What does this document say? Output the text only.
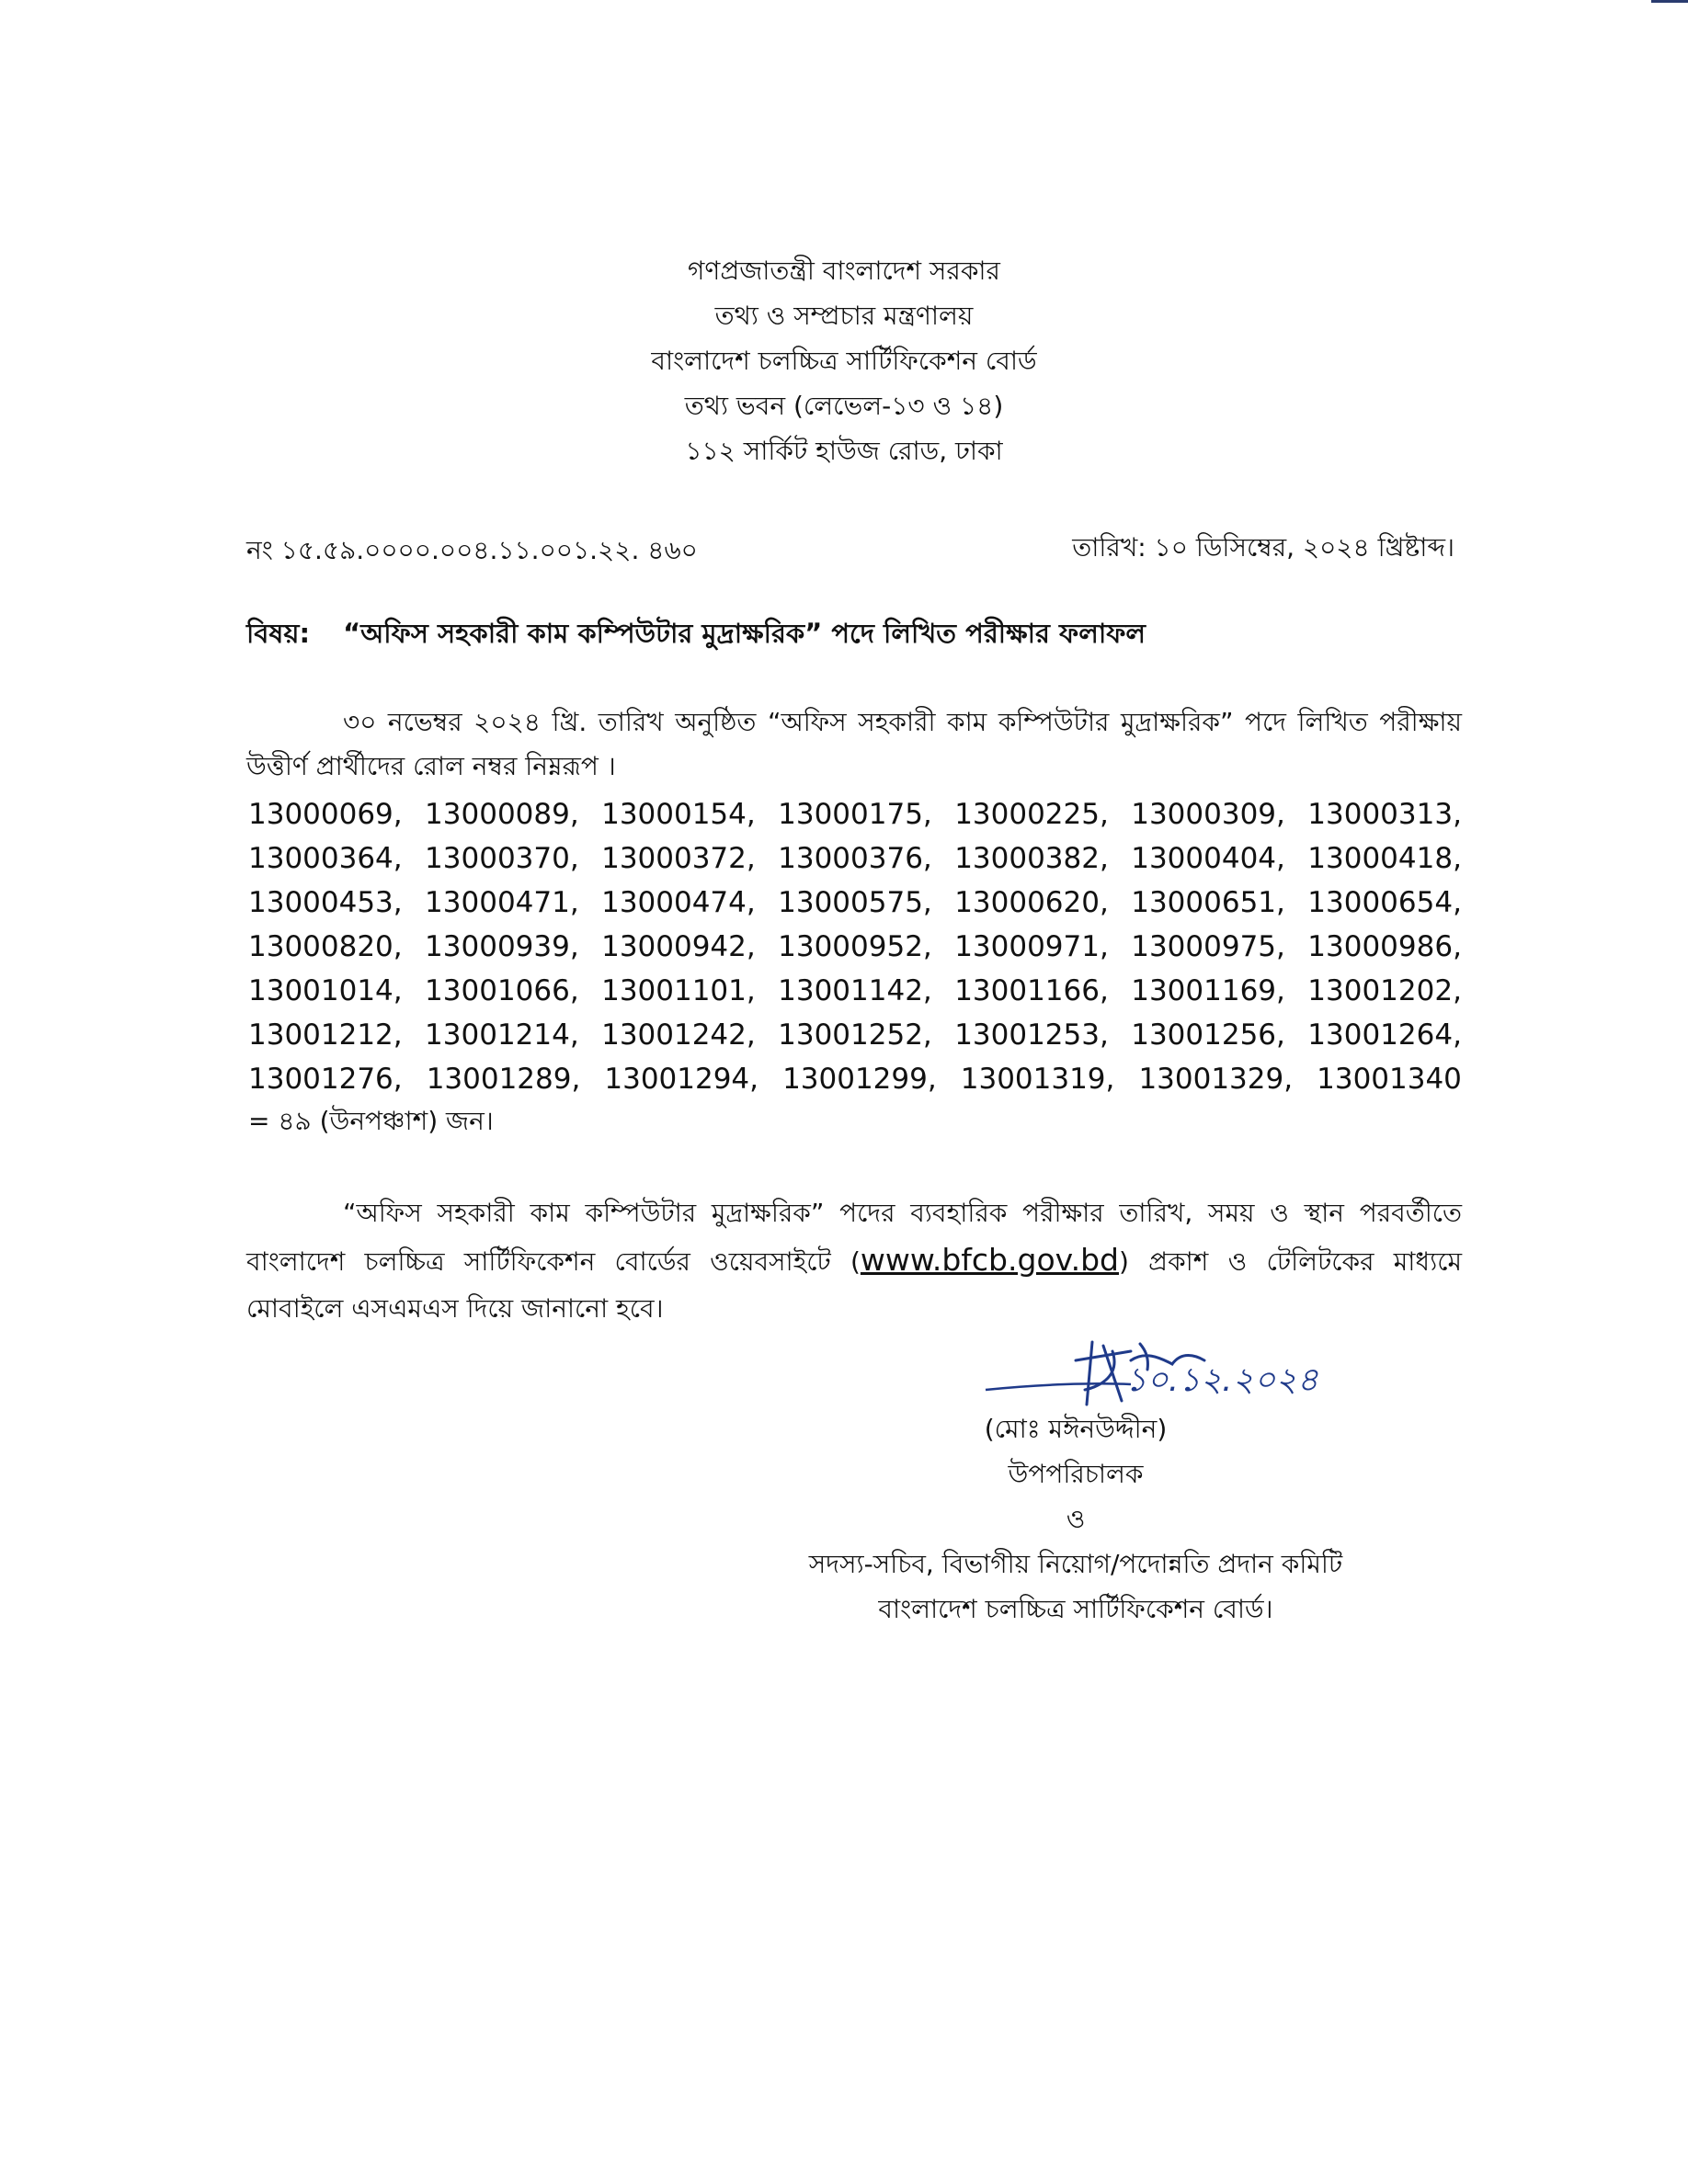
গণপ্রজাতন্ত্রী বাংলাদেশ সরকার
তথ্য ও সম্প্রচার মন্ত্রণালয়
বাংলাদেশ চলচ্চিত্র সার্টিফিকেশন বোর্ড
তথ্য ভবন (লেভেল-১৩ ও ১৪)
১১২ সার্কিট হাউজ রোড, ঢাকা
নং ১৫.৫৯.০০০০.০০৪.১১.০০১.২২. ৪৬০	তারিখ: ১০ ডিসিম্বের, ২০২৪ খ্রিষ্টাব্দ।
বিষয়: “অফিস সহকারী কাম কম্পিউটার মুদ্রাক্ষরিক” পদে লিখিত পরীক্ষার ফলাফল
৩০ নভেম্বর ২০২৪ খ্রি. তারিখ অনুষ্ঠিত “অফিস সহকারী কাম কম্পিউটার মুদ্রাক্ষরিক” পদে লিখিত পরীক্ষায় উত্তীর্ণ প্রার্থীদের রোল নম্বর নিম্নরূপ ।
13000069, 13000089, 13000154, 13000175, 13000225, 13000309, 13000313,
13000364, 13000370, 13000372, 13000376, 13000382, 13000404, 13000418,
13000453, 13000471, 13000474, 13000575, 13000620, 13000651, 13000654,
13000820, 13000939, 13000942, 13000952, 13000971, 13000975, 13000986,
13001014, 13001066, 13001101, 13001142, 13001166, 13001169, 13001202,
13001212, 13001214, 13001242, 13001252, 13001253, 13001256, 13001264,
13001276, 13001289, 13001294, 13001299, 13001319, 13001329, 13001340
= ৪৯ (উনপঞ্চাশ) জন।
“অফিস সহকারী কাম কম্পিউটার মুদ্রাক্ষরিক” পদের ব্যবহারিক পরীক্ষার তারিখ, সময় ও স্থান পরবর্তীতে বাংলাদেশ চলচ্চিত্র সার্টিফিকেশন বোর্ডের ওয়েবসাইটে (www.bfcb.gov.bd) প্রকাশ ও টেলিটকের মাধ্যমে মোবাইলে এসএমএস দিয়ে জানানো হবে।
১০.১২.২০২৪
(মোঃ মঈনউদ্দীন)
উপপরিচালক
ও
সদস্য-সচিব, বিভাগীয় নিয়োগ/পদোন্নতি প্রদান কমিটি
বাংলাদেশ চলচ্চিত্র সার্টিফিকেশন বোর্ড।
